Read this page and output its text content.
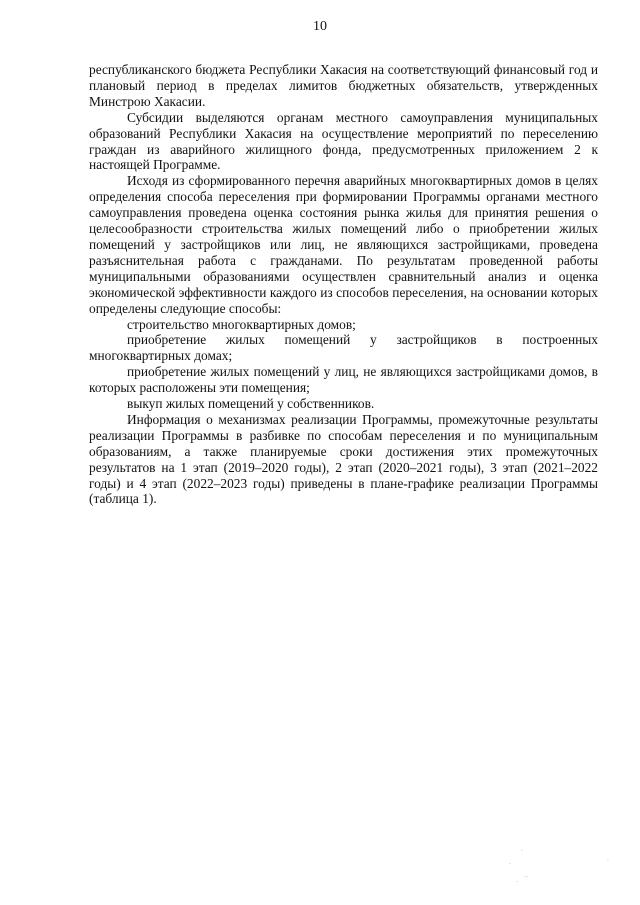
10

республиканского бюджета Республики Хакасия на соответствующий финансовый год и плановый период в пределах лимитов бюджетных обязательств, утвержденных Минстрою Хакасии.

Субсидии выделяются органам местного самоуправления муниципальных образований Республики Хакасия на осуществление мероприятий по переселению граждан из аварийного жилищного фонда, предусмотренных приложением 2 к настоящей Программе.

Исходя из сформированного перечня аварийных многоквартирных домов в целях определения способа переселения при формировании Программы органами местного самоуправления проведена оценка состояния рынка жилья для принятия решения о целесообразности строительства жилых помещений либо о приобретении жилых помещений у застройщиков или лиц, не являющихся застройщиками, проведена разъяснительная работа с гражданами. По результатам проведенной работы муниципальными образованиями осуществлен сравнительный анализ и оценка экономической эффективности каждого из способов переселения, на основании которых определены следующие способы:

строительство многоквартирных домов;

приобретение жилых помещений у застройщиков в построенных многоквартирных домах;

приобретение жилых помещений у лиц, не являющихся застройщиками домов, в которых расположены эти помещения;

выкуп жилых помещений у собственников.

Информация о механизмах реализации Программы, промежуточные результаты реализации Программы в разбивке по способам переселения и по муниципальным образованиям, а также планируемые сроки достижения этих промежуточных результатов на 1 этап (2019–2020 годы), 2 этап (2020–2021 годы), 3 этап (2021–2022 годы) и 4 этап (2022–2023 годы) приведены в плане-графике реализации Программы (таблица 1).

·
·
‥
·
·
